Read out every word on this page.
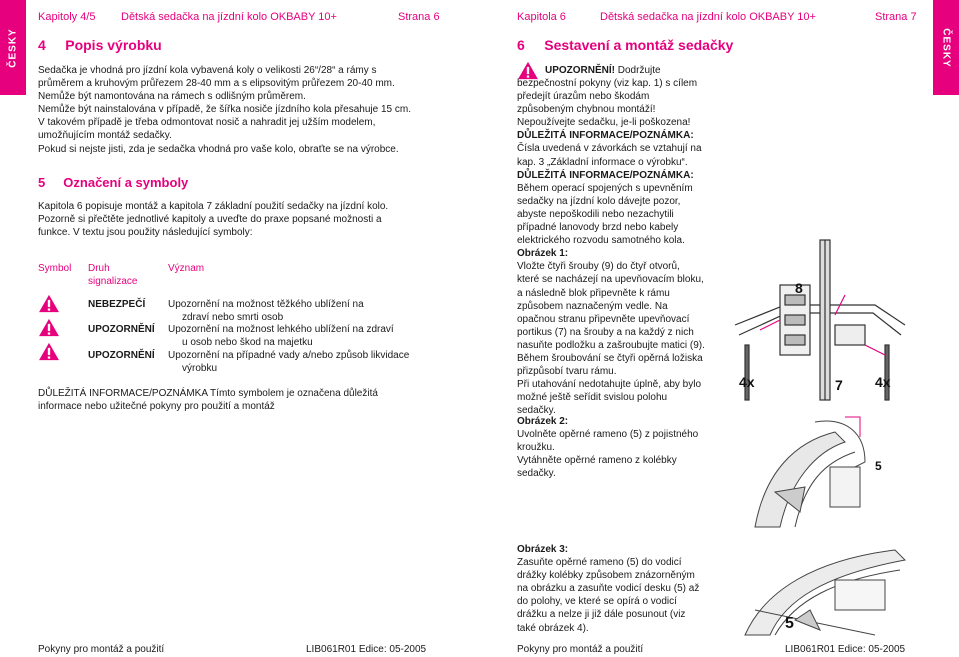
ČESKY
Kapitoly 4/5 Dětská sedačka na jízdní kolo OKBABY 10+	Strana 6
4     Popis výrobku
Sedačka je vhodná pro jízdní kola vybavená koly o velikosti 26“/28“ a rámy s
průměrem a kruhovým průřezem 28-40 mm a s elipsovitým průřezem 20-40 mm.
Nemůže být namontována na rámech s odlišným průměrem.
Nemůže být nainstalována v případě, že šířka nosiče jízdního kola přesahuje 15 cm.
V takovém případě je třeba odmontovat nosič a nahradit jej užším modelem,
umožňujícím montáž sedačky.
Pokud si nejste jisti, zda je sedačka vhodná pro vaše kolo, obraťte se na výrobce.
5     Označení a symboly
Kapitola 6 popisuje montáž a kapitola 7 základní použití sedačky na jízdní kolo.
Pozorně si přečtěte jednotlivé kapitoly a uveďte do praxe popsané možnosti a
funkce. V textu jsou použity následující symboly:
Symbol Druh
signalizace
Význam
NEBEZPEČÍ Upozornění na možnost těžkého ublížení na
zdraví nebo smrti osob
UPOZORNĚNÍ Upozornění na možnost lehkého ublížení na zdraví
u osob nebo škod na majetku
UPOZORNĚNÍ Upozornění na případné vady a/nebo způsob likvidace
výrobku
DŮLEŽITÁ INFORMACE/POZNÁMKA Tímto symbolem je označena důležitá
informace nebo užitečné pokyny pro použití a montáž
Pokyny pro montáž a použití	LIB061R01 Edice: 05-2005
ČESKY
Kapitola 6	Dětská sedačka na jízdní kolo OKBABY 10+	Strana 7
6     Sestavení a montáž sedačky
UPOZORNĚNÍ! Dodržujte
bezpečnostní pokyny (viz kap. 1) s cílem
předejít úrazům nebo škodám
způsobeným chybnou montáží!
Nepoužívejte sedačku, je-li poškozena!
DŮLEŽITÁ INFORMACE/POZNÁMKA:
Čísla uvedená v závorkách se vztahují na
kap. 3 „Základní informace o výrobku“.
DŮLEŽITÁ INFORMACE/POZNÁMKA:
Během operací spojených s upevněním
sedačky na jízdní kolo dávejte pozor,
abyste nepoškodili nebo nezachytili
případné lanovody brzd nebo kabely
elektrického rozvodu samotného kola.
Obrázek 1:
Vložte čtyři šrouby (9) do čtyř otvorů,
které se nacházejí na upevňovacím bloku,
a následně blok připevněte k rámu
způsobem naznačeným vedle. Na
opačnou stranu připevněte upevňovací
portikus (7) na šrouby a na každý z nich
nasuňte podložku a zašroubujte matici (9).
Během šroubování se čtyři opěrná ložiska
přizpůsobí tvaru rámu.
Při utahování nedotahujte úplně, aby bylo
možné ještě seřídit svislou polohu
sedačky.
Obrázek 2:
Uvolněte opěrné rameno (5) z pojistného
kroužku.
Vytáhněte opěrné rameno z kolébky
sedačky.
Obrázek 3:
Zasuňte opěrné rameno (5) do vodicí
drážky kolébky způsobem znázorněným
na obrázku a zasuňte vodicí desku (5) až
do polohy, ve které se opírá o vodicí
drážku a nelze ji již dále posunout (viz
také obrázek 4).
8
4x	7 4x
5
5
Pokyny pro montáž a použití	LIB061R01 Edice: 05-2005
